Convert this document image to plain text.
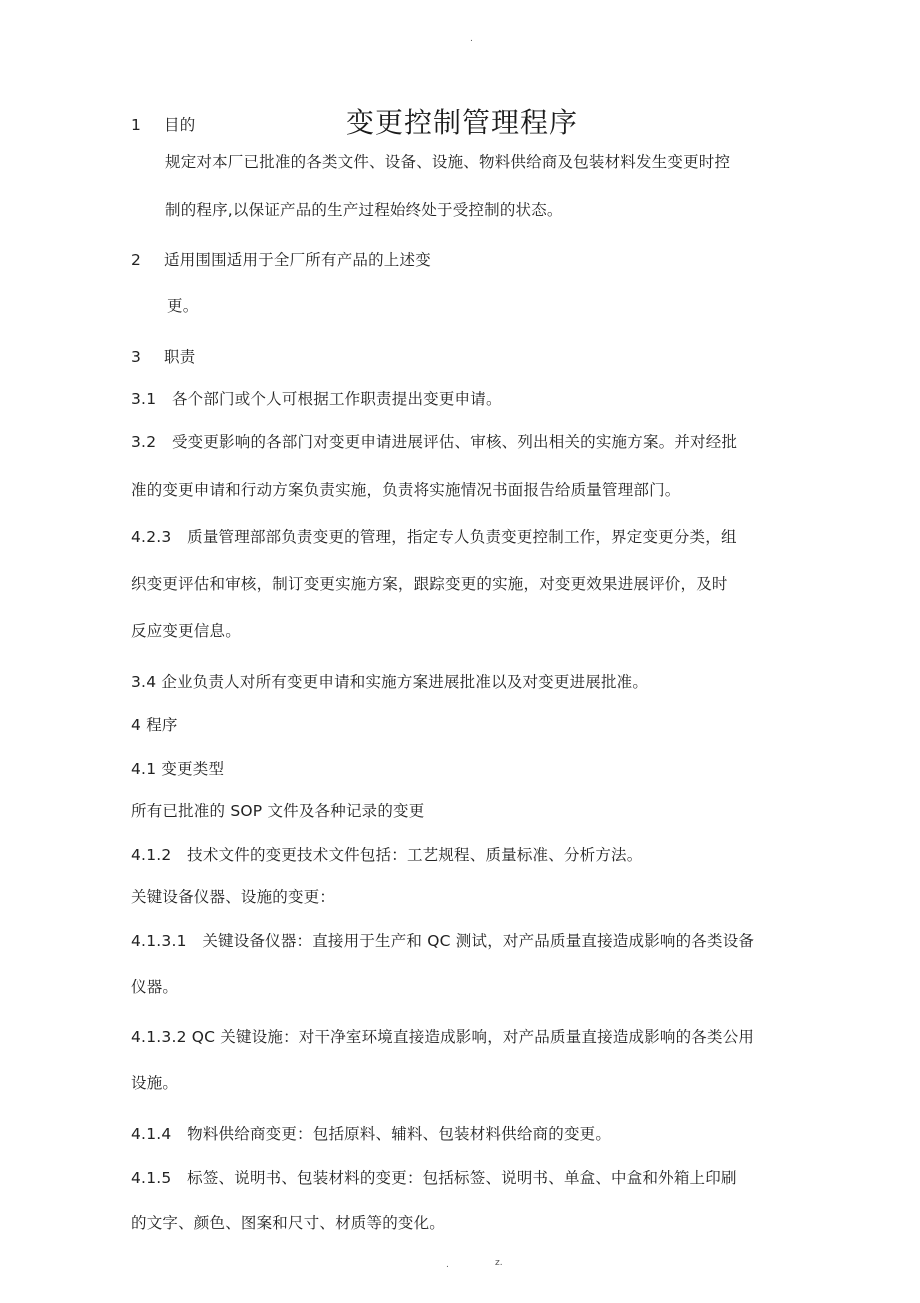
.
变更控制管理程序
1 目的
规定对本厂已批准的各类文件、设备、设施、物料供给商及包装材料发生变更时控
制的程序,以保证产品的生产过程始终处于受控制的状态。
2 适用围围适用于全厂所有产品的上述变
更。
3 职责
3.1　各个部门或个人可根据工作职责提出变更申请。
3.2　受变更影响的各部门对变更申请进展评估、审核、列出相关的实施方案。并对经批
准的变更申请和行动方案负责实施，负责将实施情况书面报告给质量管理部门。
4.2.3　质量管理部部负责变更的管理，指定专人负责变更控制工作，界定变更分类，组
织变更评估和审核，制订变更实施方案，跟踪变更的实施，对变更效果进展评价，及时
反应变更信息。
3.4 企业负责人对所有变更申请和实施方案进展批准以及对变更进展批准。
4 程序
4.1 变更类型
所有已批准的 SOP 文件及各种记录的变更
4.1.2　技术文件的变更技术文件包括：工艺规程、质量标准、分析方法。
关键设备仪器、设施的变更：
4.1.3.1　关键设备仪器：直接用于生产和 QC 测试，对产品质量直接造成影响的各类设备
仪器。
4.1.3.2 QC 关键设施：对干净室环境直接造成影响，对产品质量直接造成影响的各类公用
设施。
4.1.4　物料供给商变更：包括原料、辅料、包装材料供给商的变更。
4.1.5　标签、说明书、包装材料的变更：包括标签、说明书、单盒、中盒和外箱上印刷
的文字、颜色、图案和尺寸、材质等的变化。
.	z.
